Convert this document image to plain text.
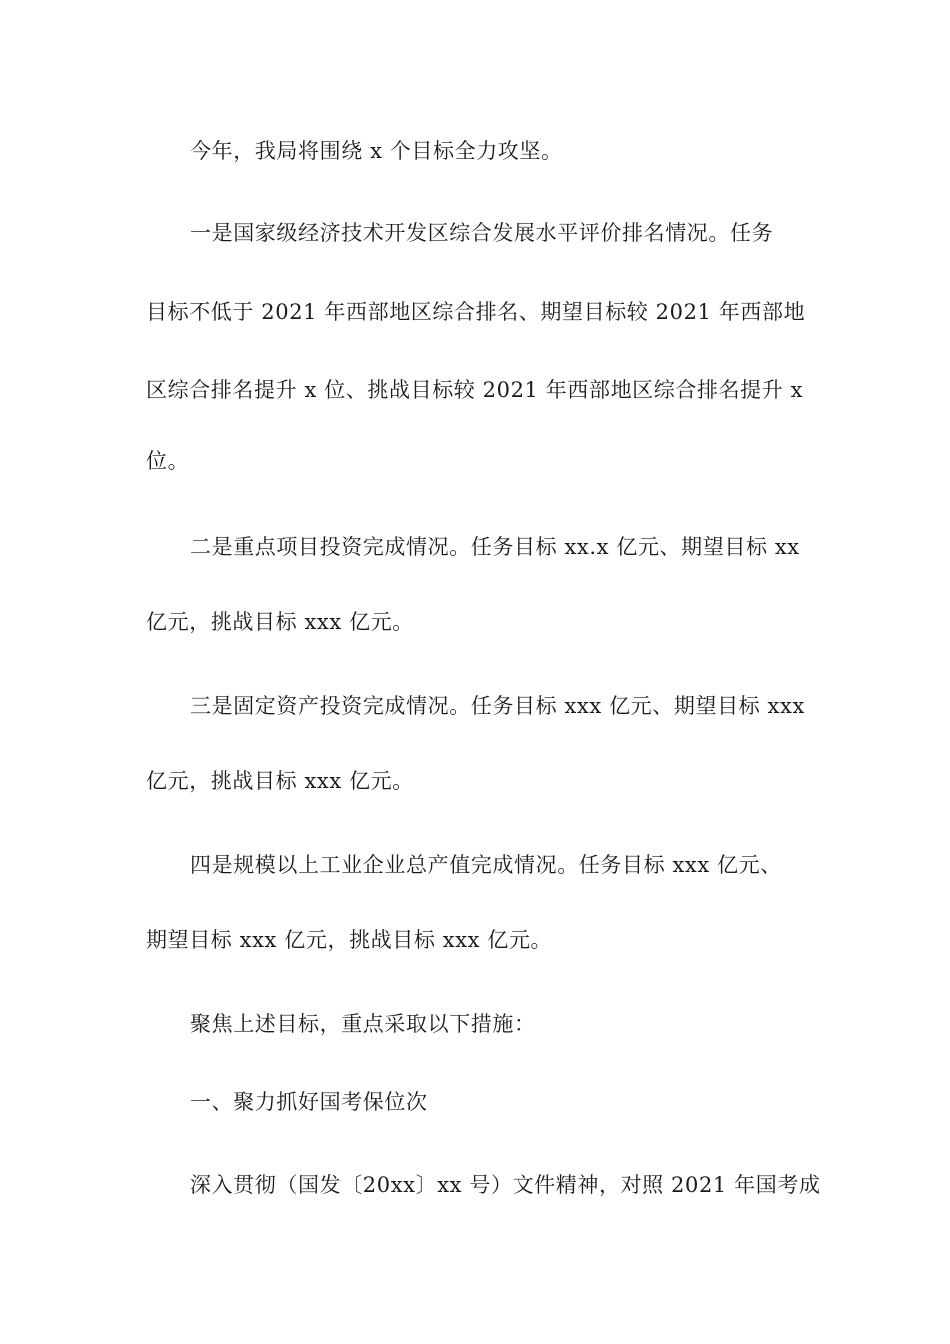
今年，我局将围绕 x 个目标全力攻坚。
一是国家级经济技术开发区综合发展水平评价排名情况。任务
目标不低于 2021 年西部地区综合排名、期望目标较 2021 年西部地
区综合排名提升 x 位、挑战目标较 2021 年西部地区综合排名提升 x
位。
二是重点项目投资完成情况。任务目标 xx.x 亿元、期望目标 xx
亿元，挑战目标 xxx 亿元。
三是固定资产投资完成情况。任务目标 xxx 亿元、期望目标 xxx
亿元，挑战目标 xxx 亿元。
四是规模以上工业企业总产值完成情况。任务目标 xxx 亿元、
期望目标 xxx 亿元，挑战目标 xxx 亿元。
聚焦上述目标，重点采取以下措施：
一、聚力抓好国考保位次
深入贯彻（国发〔20xx〕xx 号）文件精神，对照 2021 年国考成
